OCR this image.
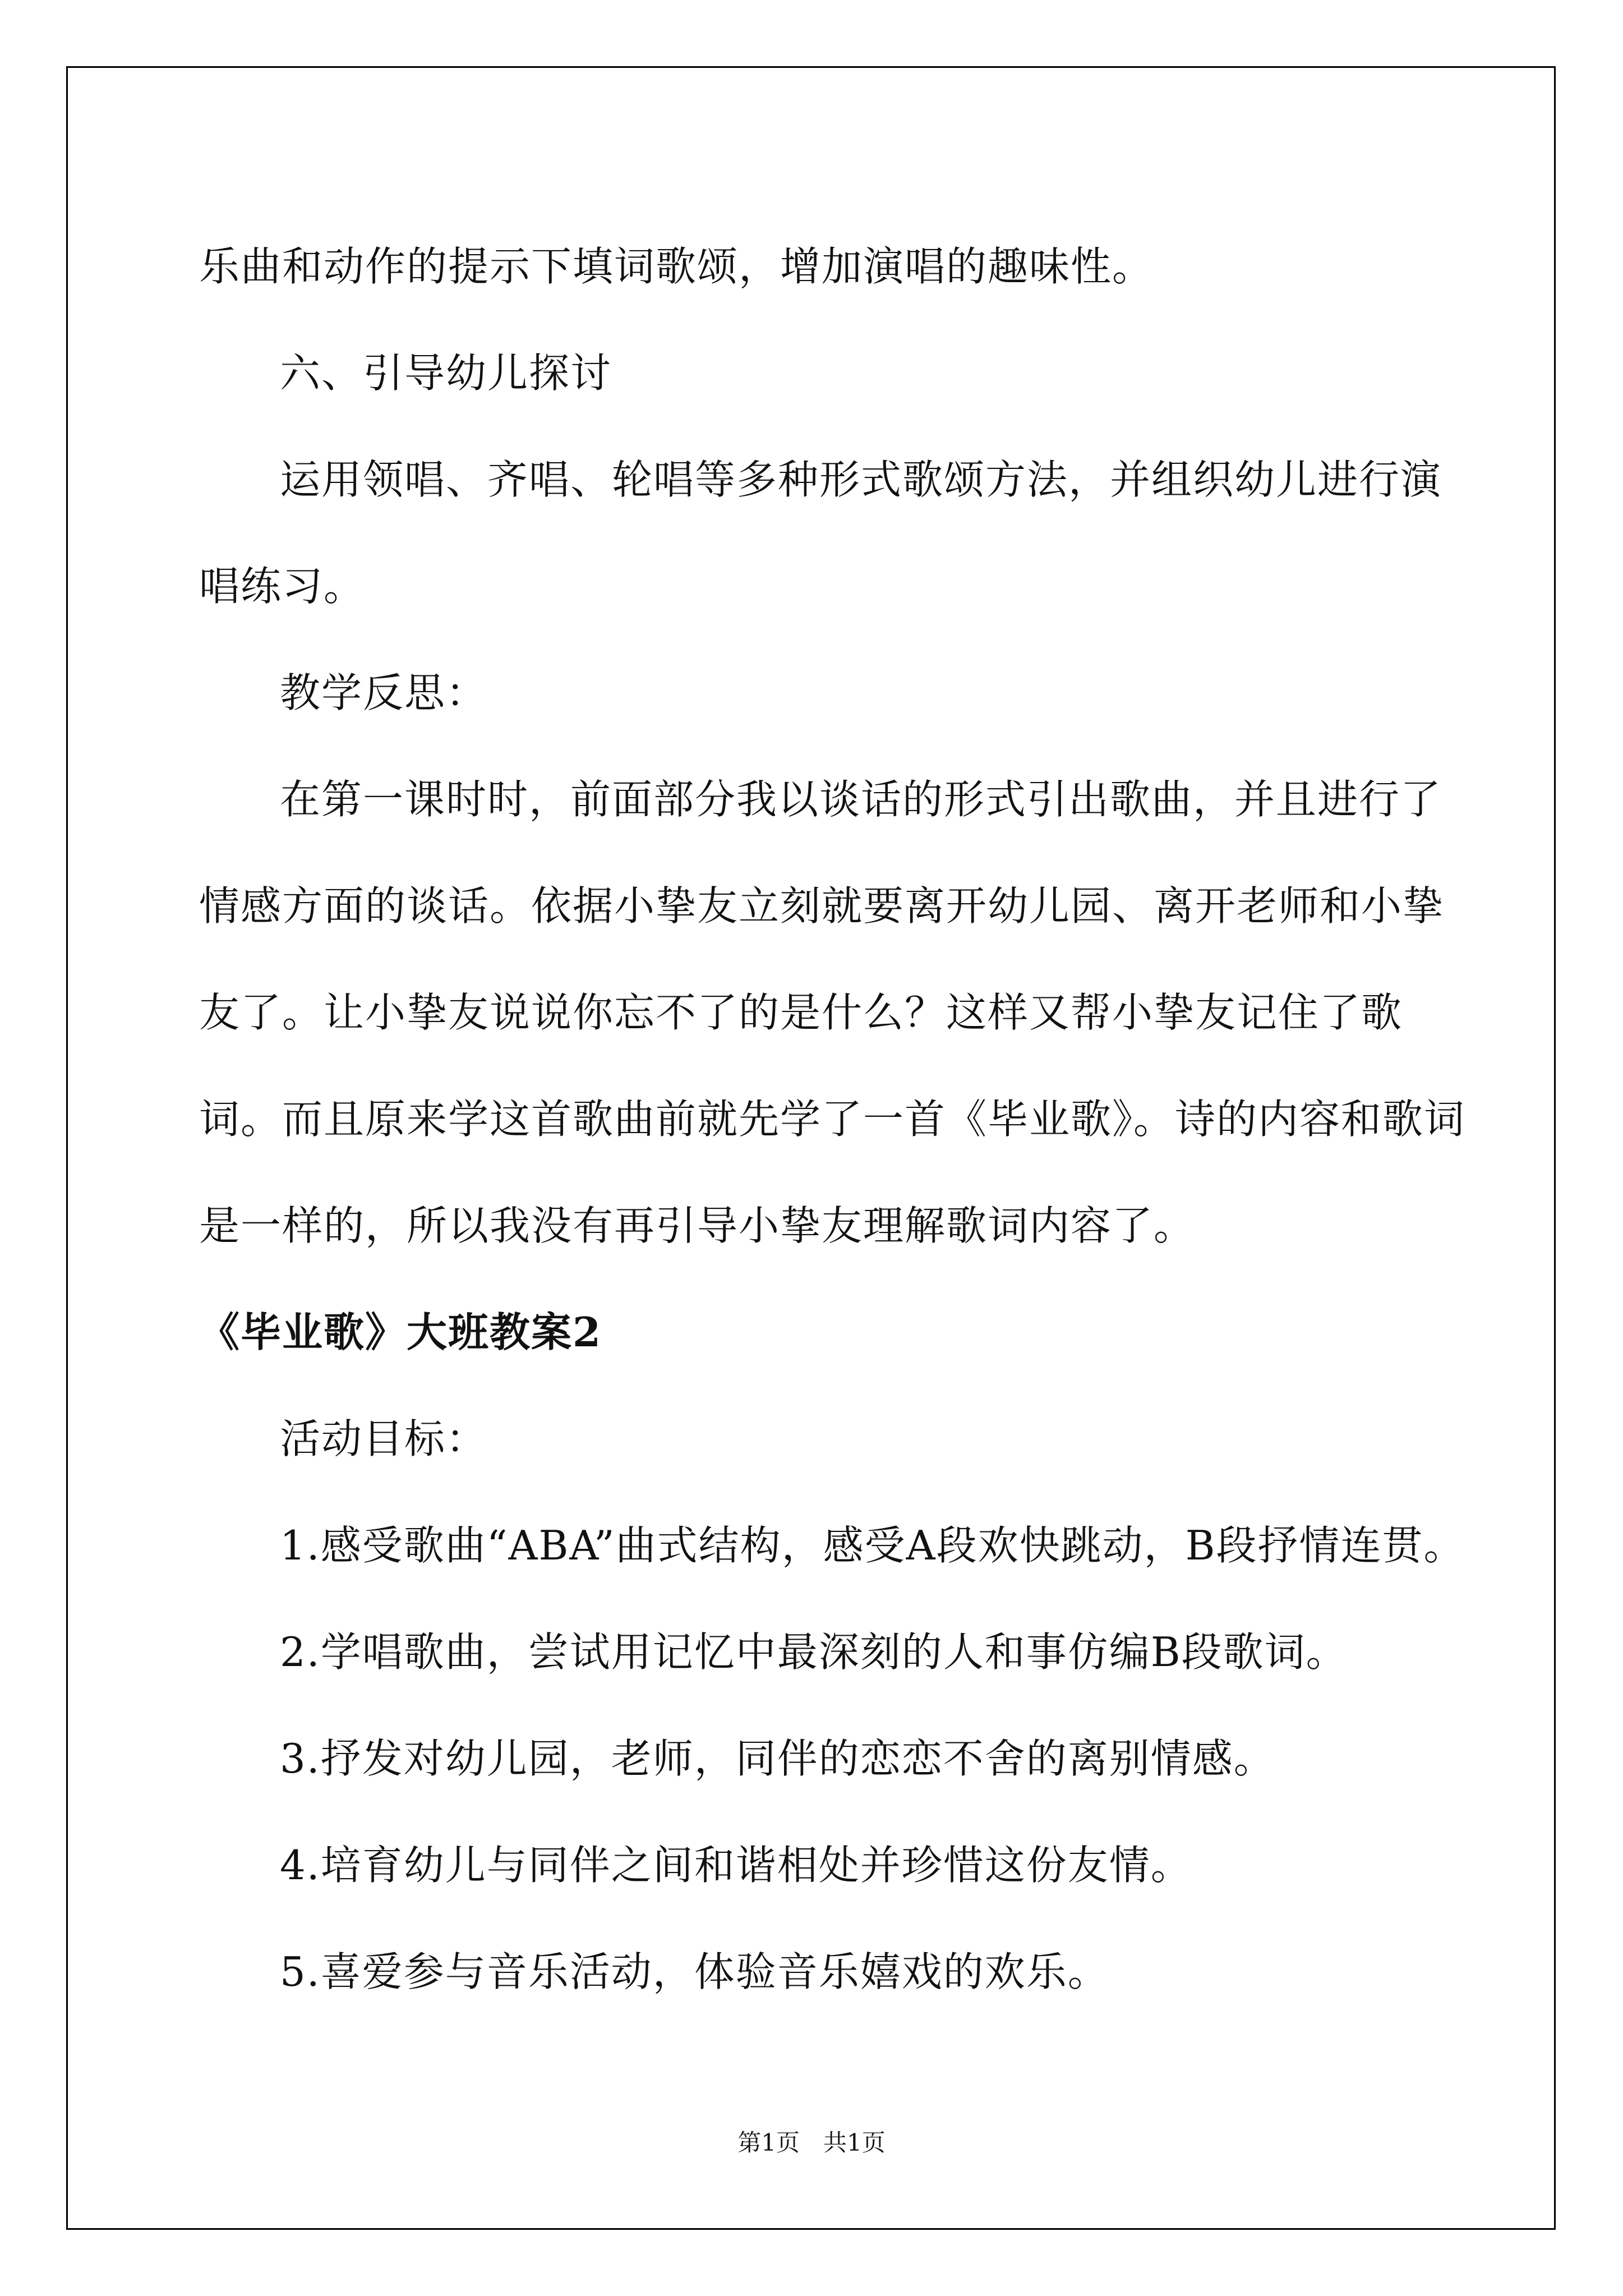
乐曲和动作的提示下填词歌颂，增加演唱的趣味性。

六、引导幼儿探讨

运用领唱、齐唱、轮唱等多种形式歌颂方法，并组织幼儿进行演唱练习。

教学反思：

在第一课时时，前面部分我以谈话的形式引出歌曲，并且进行了情感方面的谈话。依据小挚友立刻就要离开幼儿园、离开老师和小挚友了。让小挚友说说你忘不了的是什么？这样又帮小挚友记住了歌词。而且原来学这首歌曲前就先学了一首《毕业歌》。诗的内容和歌词是一样的，所以我没有再引导小挚友理解歌词内容了。

《毕业歌》大班教案2

活动目标：

1.感受歌曲“ABA”曲式结构，感受A段欢快跳动，B段抒情连贯。

2.学唱歌曲，尝试用记忆中最深刻的人和事仿编B段歌词。

3.抒发对幼儿园，老师，同伴的恋恋不舍的离别情感。

4.培育幼儿与同伴之间和谐相处并珍惜这份友情。

5.喜爱参与音乐活动，体验音乐嬉戏的欢乐。

第1页　共1页
